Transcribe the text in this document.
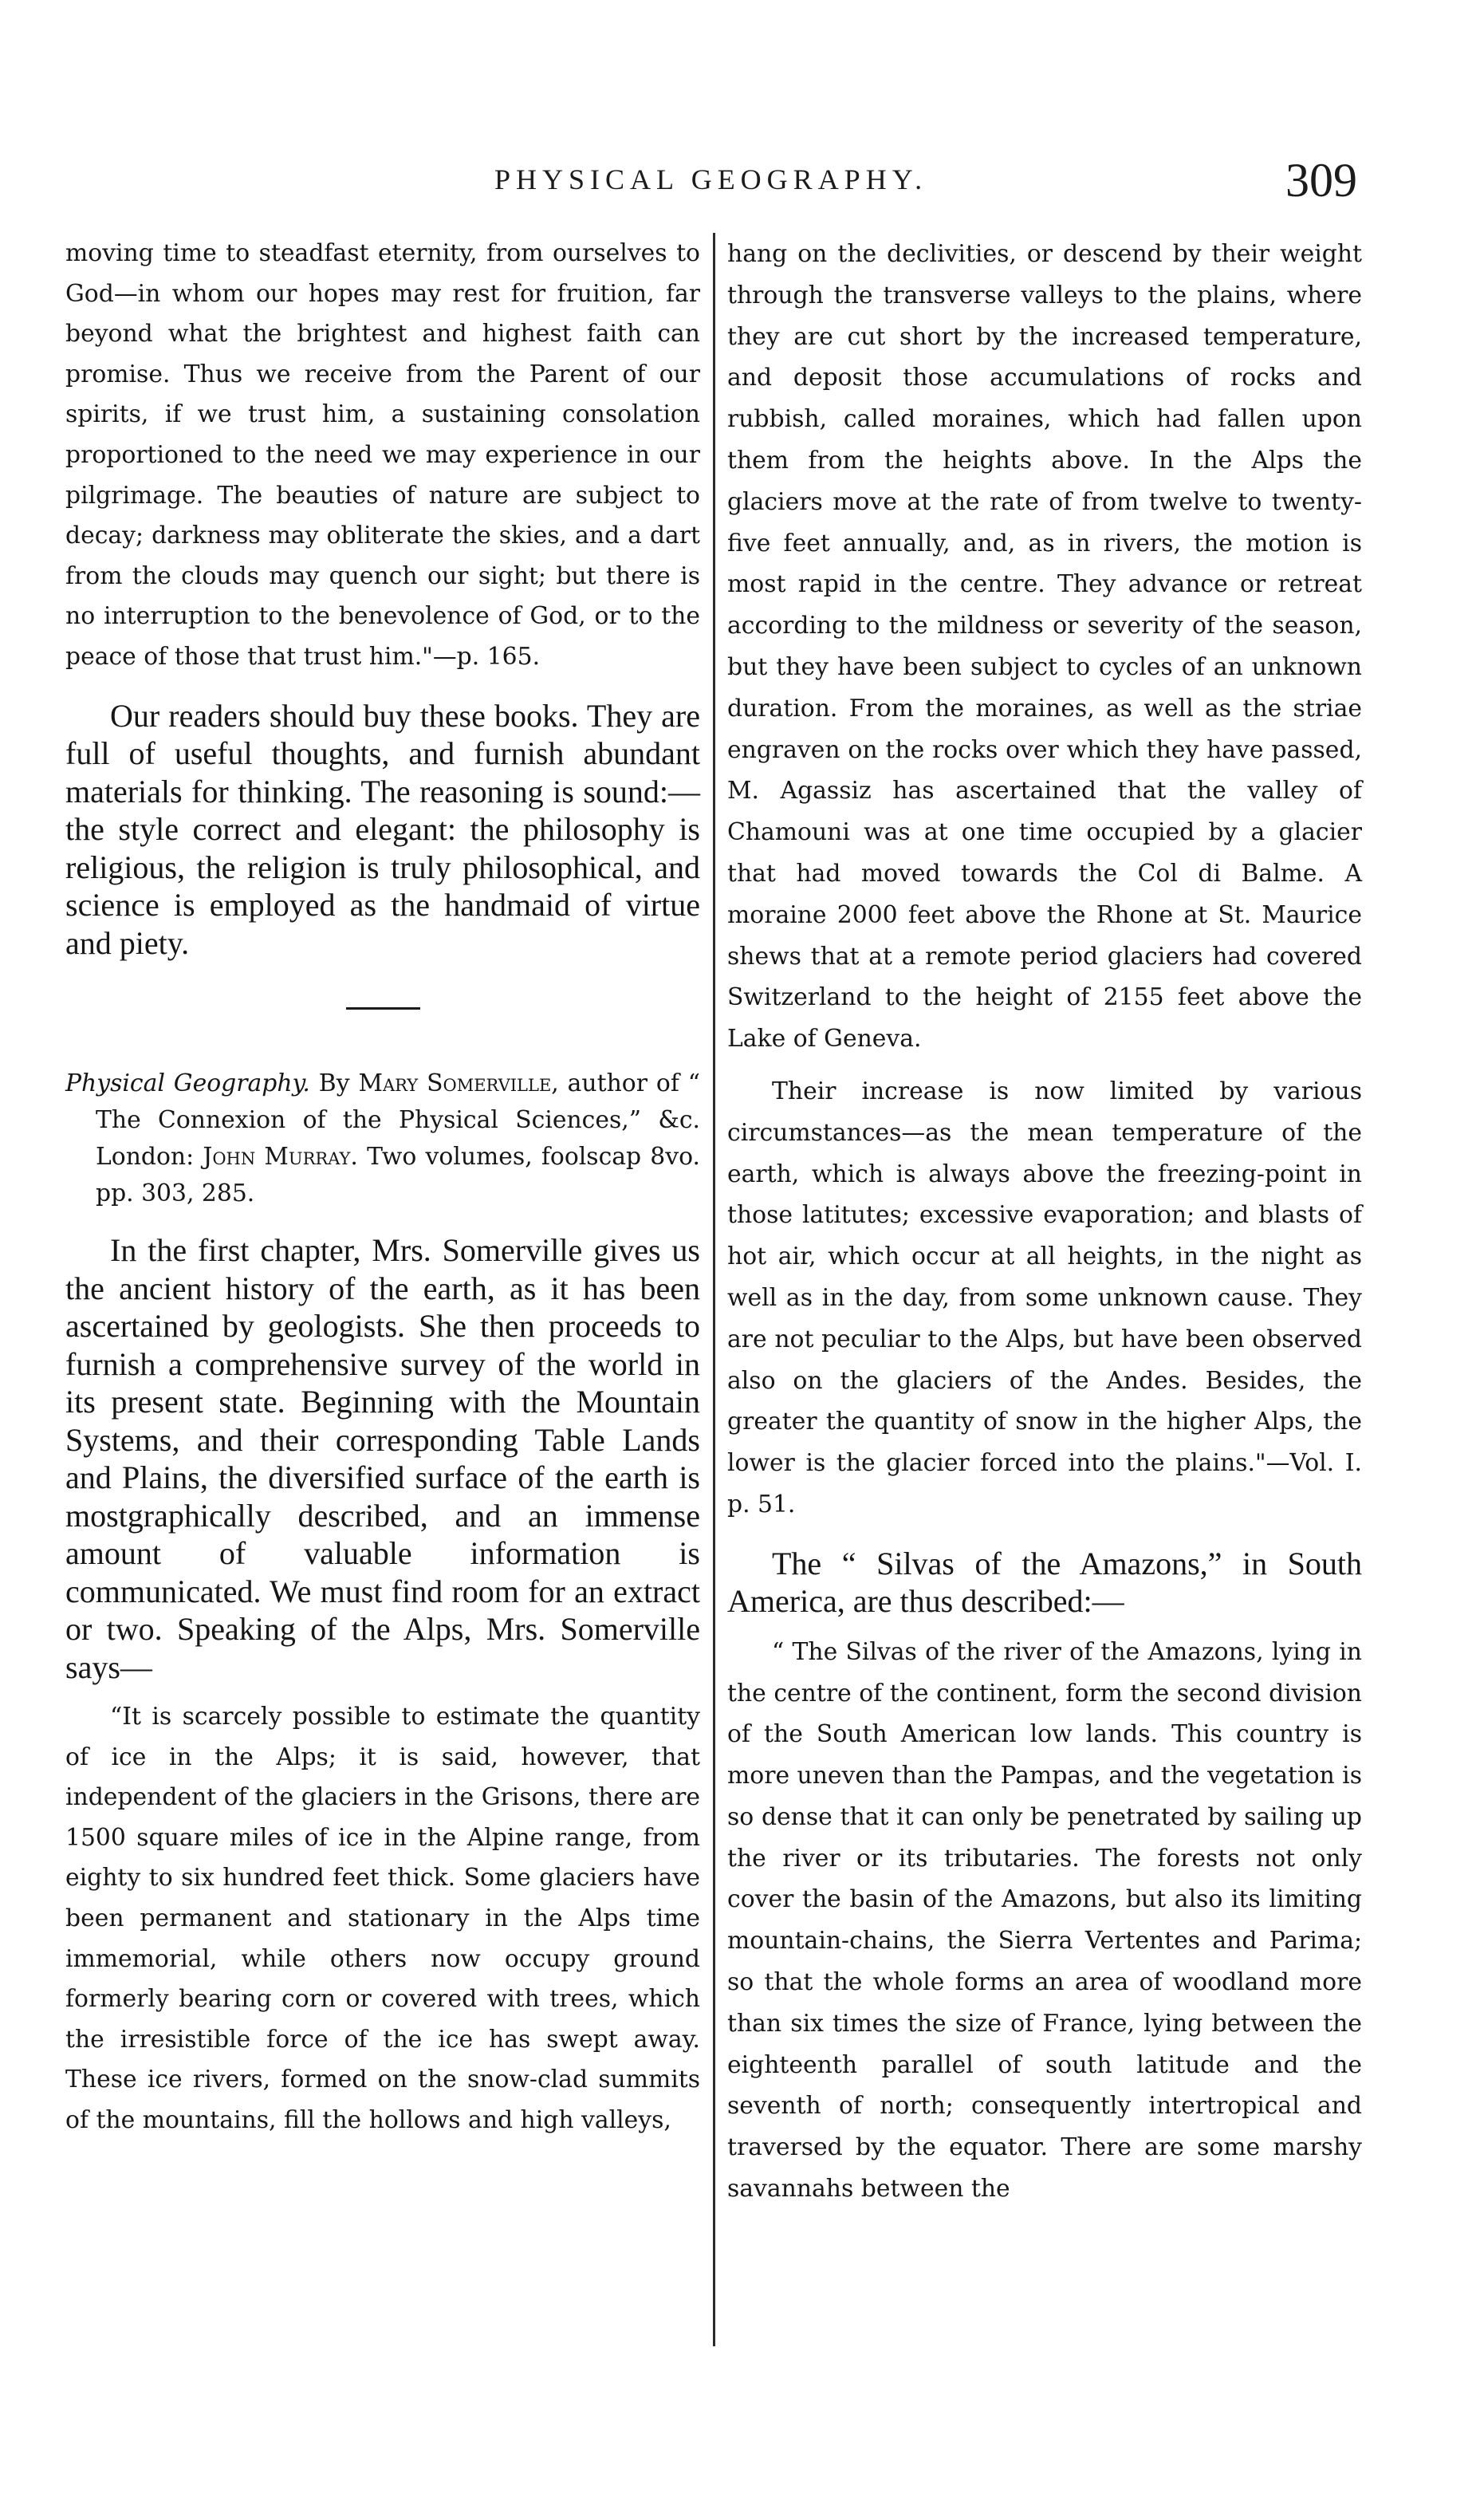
PHYSICAL GEOGRAPHY.	309

moving time to steadfast eternity, from ourselves to God—in whom our hopes may rest for fruition, far beyond what the brightest and highest faith can promise. Thus we receive from the Parent of our spirits, if we trust him, a sustaining consolation proportioned to the need we may experience in our pilgrimage. The beauties of nature are subject to decay; darkness may obliterate the skies, and a dart from the clouds may quench our sight; but there is no interruption to the benevolence of God, or to the peace of those that trust him."—p. 165.

Our readers should buy these books. They are full of useful thoughts, and furnish abundant materials for thinking. The reasoning is sound:—the style correct and elegant: the philosophy is religious, the religion is truly philosophical, and science is employed as the handmaid of virtue and piety.

Physical Geography. By Mary Somerville, author of “ The Connexion of the Physical Sciences,” &c. London: John Murray. Two volumes, foolscap 8vo. pp. 303, 285.

In the first chapter, Mrs. Somerville gives us the ancient history of the earth, as it has been ascertained by geologists. She then proceeds to furnish a comprehensive survey of the world in its present state. Beginning with the Mountain Systems, and their corresponding Table Lands and Plains, the diversified surface of the earth is mostgraphically described, and an immense amount of valuable information is communicated. We must find room for an extract or two. Speaking of the Alps, Mrs. Somerville says—

“It is scarcely possible to estimate the quantity of ice in the Alps; it is said, however, that independent of the glaciers in the Grisons, there are 1500 square miles of ice in the Alpine range, from eighty to six hundred feet thick. Some glaciers have been permanent and stationary in the Alps time immemorial, while others now occupy ground formerly bearing corn or covered with trees, which the irresistible force of the ice has swept away. These ice rivers, formed on the snow-clad summits of the mountains, fill the hollows and high valleys,

hang on the declivities, or descend by their weight through the transverse valleys to the plains, where they are cut short by the increased temperature, and deposit those accumulations of rocks and rubbish, called moraines, which had fallen upon them from the heights above. In the Alps the glaciers move at the rate of from twelve to twenty-five feet annually, and, as in rivers, the motion is most rapid in the centre. They advance or retreat according to the mildness or severity of the season, but they have been subject to cycles of an unknown duration. From the moraines, as well as the striae engraven on the rocks over which they have passed, M. Agassiz has ascertained that the valley of Chamouni was at one time occupied by a glacier that had moved towards the Col di Balme. A moraine 2000 feet above the Rhone at St. Maurice shews that at a remote period glaciers had covered Switzerland to the height of 2155 feet above the Lake of Geneva.

Their increase is now limited by various circumstances—as the mean temperature of the earth, which is always above the freezing-point in those latitutes; excessive evaporation; and blasts of hot air, which occur at all heights, in the night as well as in the day, from some unknown cause. They are not peculiar to the Alps, but have been observed also on the glaciers of the Andes. Besides, the greater the quantity of snow in the higher Alps, the lower is the glacier forced into the plains."—Vol. I. p. 51.

The “ Silvas of the Amazons,” in South America, are thus described:—

“ The Silvas of the river of the Amazons, lying in the centre of the continent, form the second division of the South American low lands. This country is more uneven than the Pampas, and the vegetation is so dense that it can only be penetrated by sailing up the river or its tributaries. The forests not only cover the basin of the Amazons, but also its limiting mountain-chains, the Sierra Vertentes and Parima; so that the whole forms an area of woodland more than six times the size of France, lying between the eighteenth parallel of south latitude and the seventh of north; consequently intertropical and traversed by the equator. There are some marshy savannahs between the
